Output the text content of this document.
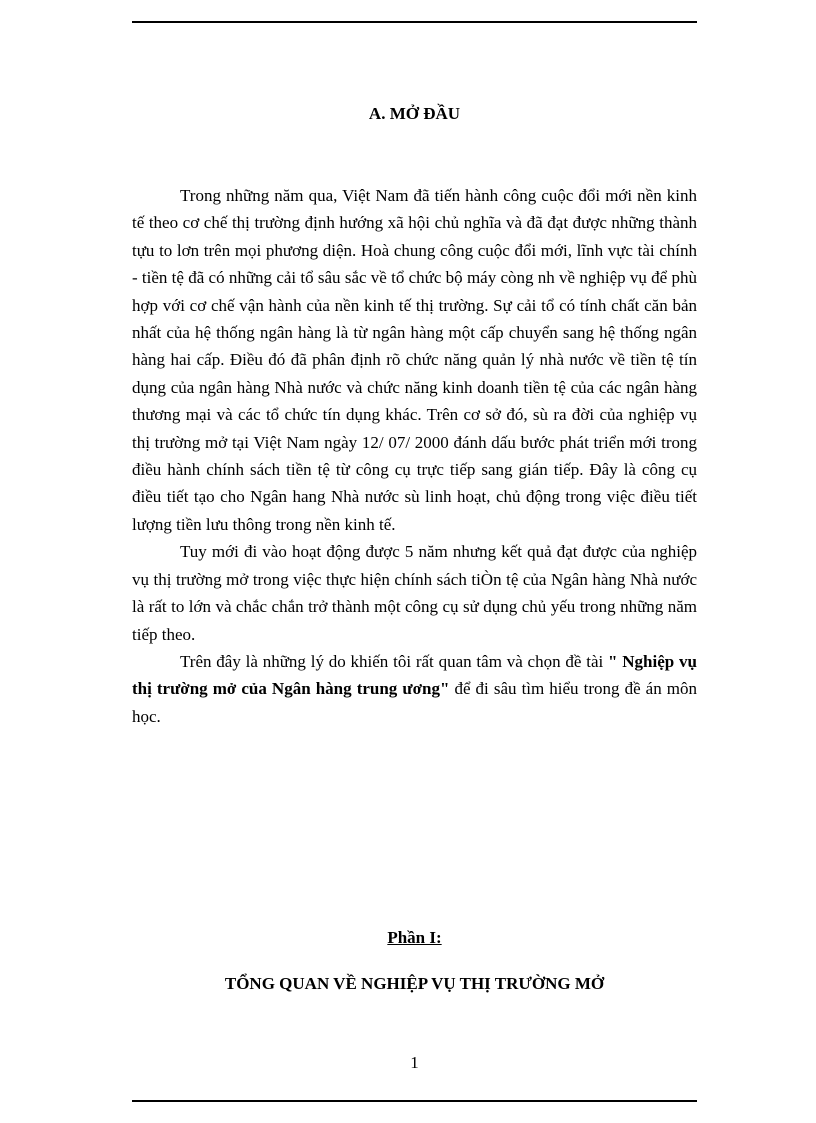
A. MỞ ĐẦU

Trong những năm qua, Việt Nam đã tiến hành công cuộc đổi mới nền kinh tế theo cơ chế thị trường định hướng xã hội chủ nghĩa và đã đạt được những thành tựu to lơn trên mọi phương diện. Hoà chung công cuộc đổi mới, lĩnh vực tài chính - tiền tệ đã có những cải tổ sâu sắc về tổ chức bộ máy còng nh về nghiệp vụ để phù hợp với cơ chế vận hành của nền kinh tế thị trường. Sự cải tổ có tính chất căn bản nhất của hệ thống ngân hàng là từ ngân hàng một cấp chuyển sang hệ thống ngân hàng hai cấp. Điều đó đã phân định rõ chức năng quản lý nhà nước về tiền tệ tín dụng của ngân hàng Nhà nước và chức năng kinh doanh tiền tệ của các ngân hàng thương mại và các tổ chức tín dụng khác. Trên cơ sở đó, sù ra đời của nghiệp vụ thị trường mở tại Việt Nam ngày 12/ 07/ 2000 đánh dấu bước phát triển mới trong điều hành chính sách tiền tệ từ công cụ trực tiếp sang gián tiếp. Đây là công cụ điều tiết tạo cho Ngân hang Nhà nước sù linh hoạt, chủ động trong việc điều tiết lượng tiền lưu thông trong nền kinh tế.

Tuy mới đi vào hoạt động được 5 năm nhưng kết quả đạt được của nghiệp vụ thị trường mở trong việc thực hiện chính sách tiÒn tệ của Ngân hàng Nhà nước là rất to lớn và chắc chắn trở thành một công cụ sử dụng chủ yếu trong những năm tiếp theo.

Trên đây là những lý do khiến tôi rất quan tâm và chọn đề tài " Nghiệp vụ thị trường mở của Ngân hàng trung ương" để đi sâu tìm hiểu trong đề án môn học.

Phần I:
TỔNG QUAN VỀ NGHIỆP VỤ THỊ TRƯỜNG MỞ
1
